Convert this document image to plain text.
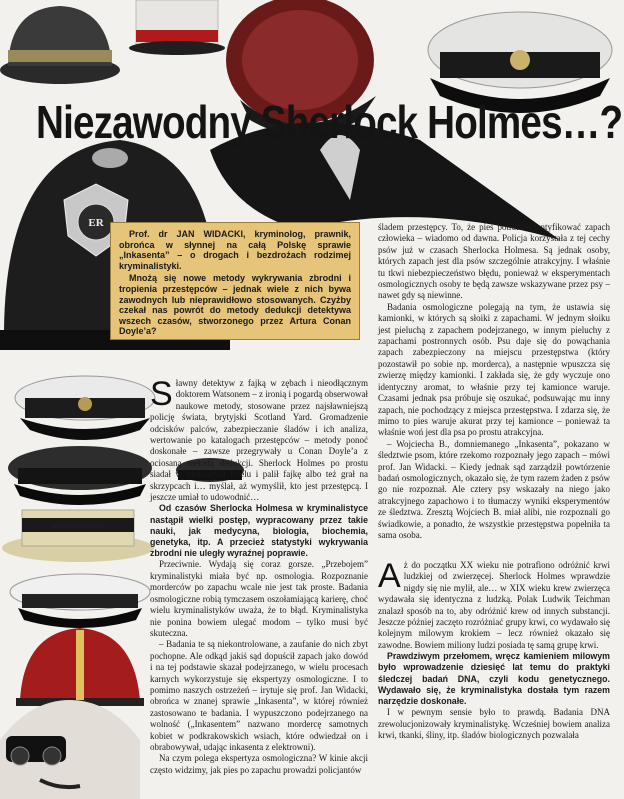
ER
HARBOUR POLICE
Niezawodny Sherlock Holmes…?

Prof. dr JAN WIDACKI, kryminolog, prawnik, obrońca w słynnej na całą Polskę sprawie „Inkasenta” – o drogach i bezdrożach rodzimej kryminalistyki.

Mnożą się nowe metody wykrywania zbrodni i tropienia przestępców – jednak wiele z nich bywa zawodnych lub nieprawidłowo stosowanych. Czyżby czekał nas powrót do metody dedukcji detektywa wszech czasów, stworzonego przez Artura Conan Doyle’a?

śladem przestępcy. To, że pies potrafi zidentyfikować zapach człowieka – wiadomo od dawna. Policja korzystała z tej cechy psów już w czasach Sherlocka Holmesa. Są jednak osoby, których zapach jest dla psów szczególnie atrakcyjny. I właśnie tu tkwi niebezpieczeństwo błędu, ponieważ w eksperymentach osmologicznych osoby te będą zawsze wskazywane przez psy – nawet gdy są niewinne.

Badania osmologiczne polegają na tym, że ustawia się kamionki, w których są słoiki z zapachami. W jednym słoiku jest pieluchą z zapachem podejrzanego, w innym pieluchy z zapachami postronnych osób. Psu daje się do powąchania zapach zabezpieczony na miejscu przestępstwa (który pozostawił po sobie np. morderca), a następnie wpuszcza się zwierzę między kamionki. I zakłada się, że gdy wyczuje ono identyczny aromat, to właśnie przy tej kamionce waruje. Czasami jednak psa próbuje się oszukać, podsuwając mu inny zapach, nie pochodzący z miejsca przestępstwa. I zdarza się, że mimo to pies waruje akurat przy tej kamionce – ponieważ ta właśnie woń jest dla psa po prostu atrakcyjna.

– Wojciecha B., domniemanego „Inkasenta”, pokazano w śledztwie psom, które rzekomo rozpoznały jego zapach – mówi prof. Jan Widacki. – Kiedy jednak sąd zarządził powtórzenie badań osmologicznych, okazało się, że tym razem żaden z psów go nie rozpoznał. Ale cztery psy wskazały na niego jako atrakcyjnego zapachowo i to tłumaczy wyniki eksperymentów ze śledztwa. Zresztą Wojciech B. miał alibi, nie rozpoznali go świadkowie, a ponadto, że wszystkie przestępstwa popełniła ta sama osoba.

Sławny detektyw z fajką w zębach i nieodłącznym doktorem Watsonem – z ironią i pogardą obserwował naukowe metody, stosowane przez najsławniejszą policję świata, brytyjski Scotland Yard. Gromadzenie odcisków palców, zabezpieczanie śladów i ich analiza, wertowanie po katalogach przestępców – metody ponoć doskonałe – zawsze przegrywały u Conan Doyle’a z ociosaną metodą dedukcji. Sherlock Holmes po prostu siadał w ulubionym fotelu i palił fajkę albo też grał na skrzypcach i… myślał, aż wymyślił, kto jest przestępcą. I jeszcze umiał to udowodnić…

Od czasów Sherlocka Holmesa w kryminalistyce nastąpił wielki postęp, wypracowany przez takie nauki, jak medycyna, biologia, biochemia, genetyka, itp. A przecież statystyki wykrywania zbrodni nie uległy wyraźnej poprawie.

Przeciwnie. Wydają się coraz gorsze. „Przebojem” kryminalistyki miała być np. osmologia. Rozpoznanie morderców po zapachu wcale nie jest tak proste. Badania osmologiczne robią tymczasem oszołamiającą karierę, choć wielu kryminalistyków uważa, że to błąd. Kryminalistyka nie ponina bowiem ulegać modom – tylko musi być skuteczna.

– Badania te są niekontrolowane, a zaufanie do nich zbyt pochopne. Ale odkąd jakiś sąd dopuścił zapach jako dowód i na tej podstawie skazał podejrzanego, w wielu procesach karnych wykorzystuje się ekspertyzy osmologiczne. I to pomimo naszych ostrzeżeń – irytuje się prof. Jan Widacki, obrońca w znanej sprawie „Inkasenta”, w której również zastosowano te badania. I wypuszczono podejrzanego na wolność („Inkasentem” nazwano mordercę samotnych kobiet w podkrakowskich wsiach, które odwiedzał on i obrabowywał, udając inkasenta z elektrowni).

Na czym polega ekspertyza osmologiczna? W kinie akcji często widzimy, jak pies po zapachu prowadzi policjantów

Aż do początku XX wieku nie potrafiono odróżnić krwi ludzkiej od zwierzęcej. Sherlock Holmes wprawdzie nigdy się nie mylił, ale… w XIX wieku krew zwierzęca wydawała się identyczna z ludzką. Polak Ludwik Teichman znalazł sposób na to, aby odróżnić krew od innych substancji. Jeszcze później zaczęto rozróżniać grupy krwi, co wydawało się kolejnym milowym krokiem – lecz również okazało się zawodne. Bowiem miliony ludzi posiada tę samą grupę krwi.

Prawdziwym przełomem, wręcz kamieniem milowym było wprowadzenie dziesięć lat temu do praktyki śledczej badań DNA, czyli kodu genetycznego. Wydawało się, że kryminalistyka dostała tym razem narzędzie doskonałe.

I w pewnym sensie było to prawdą. Badania DNA zrewolucjonizowały kryminalistykę. Wcześniej bowiem analiza krwi, tkanki, śliny, itp. śladów biologicznych pozwalała
